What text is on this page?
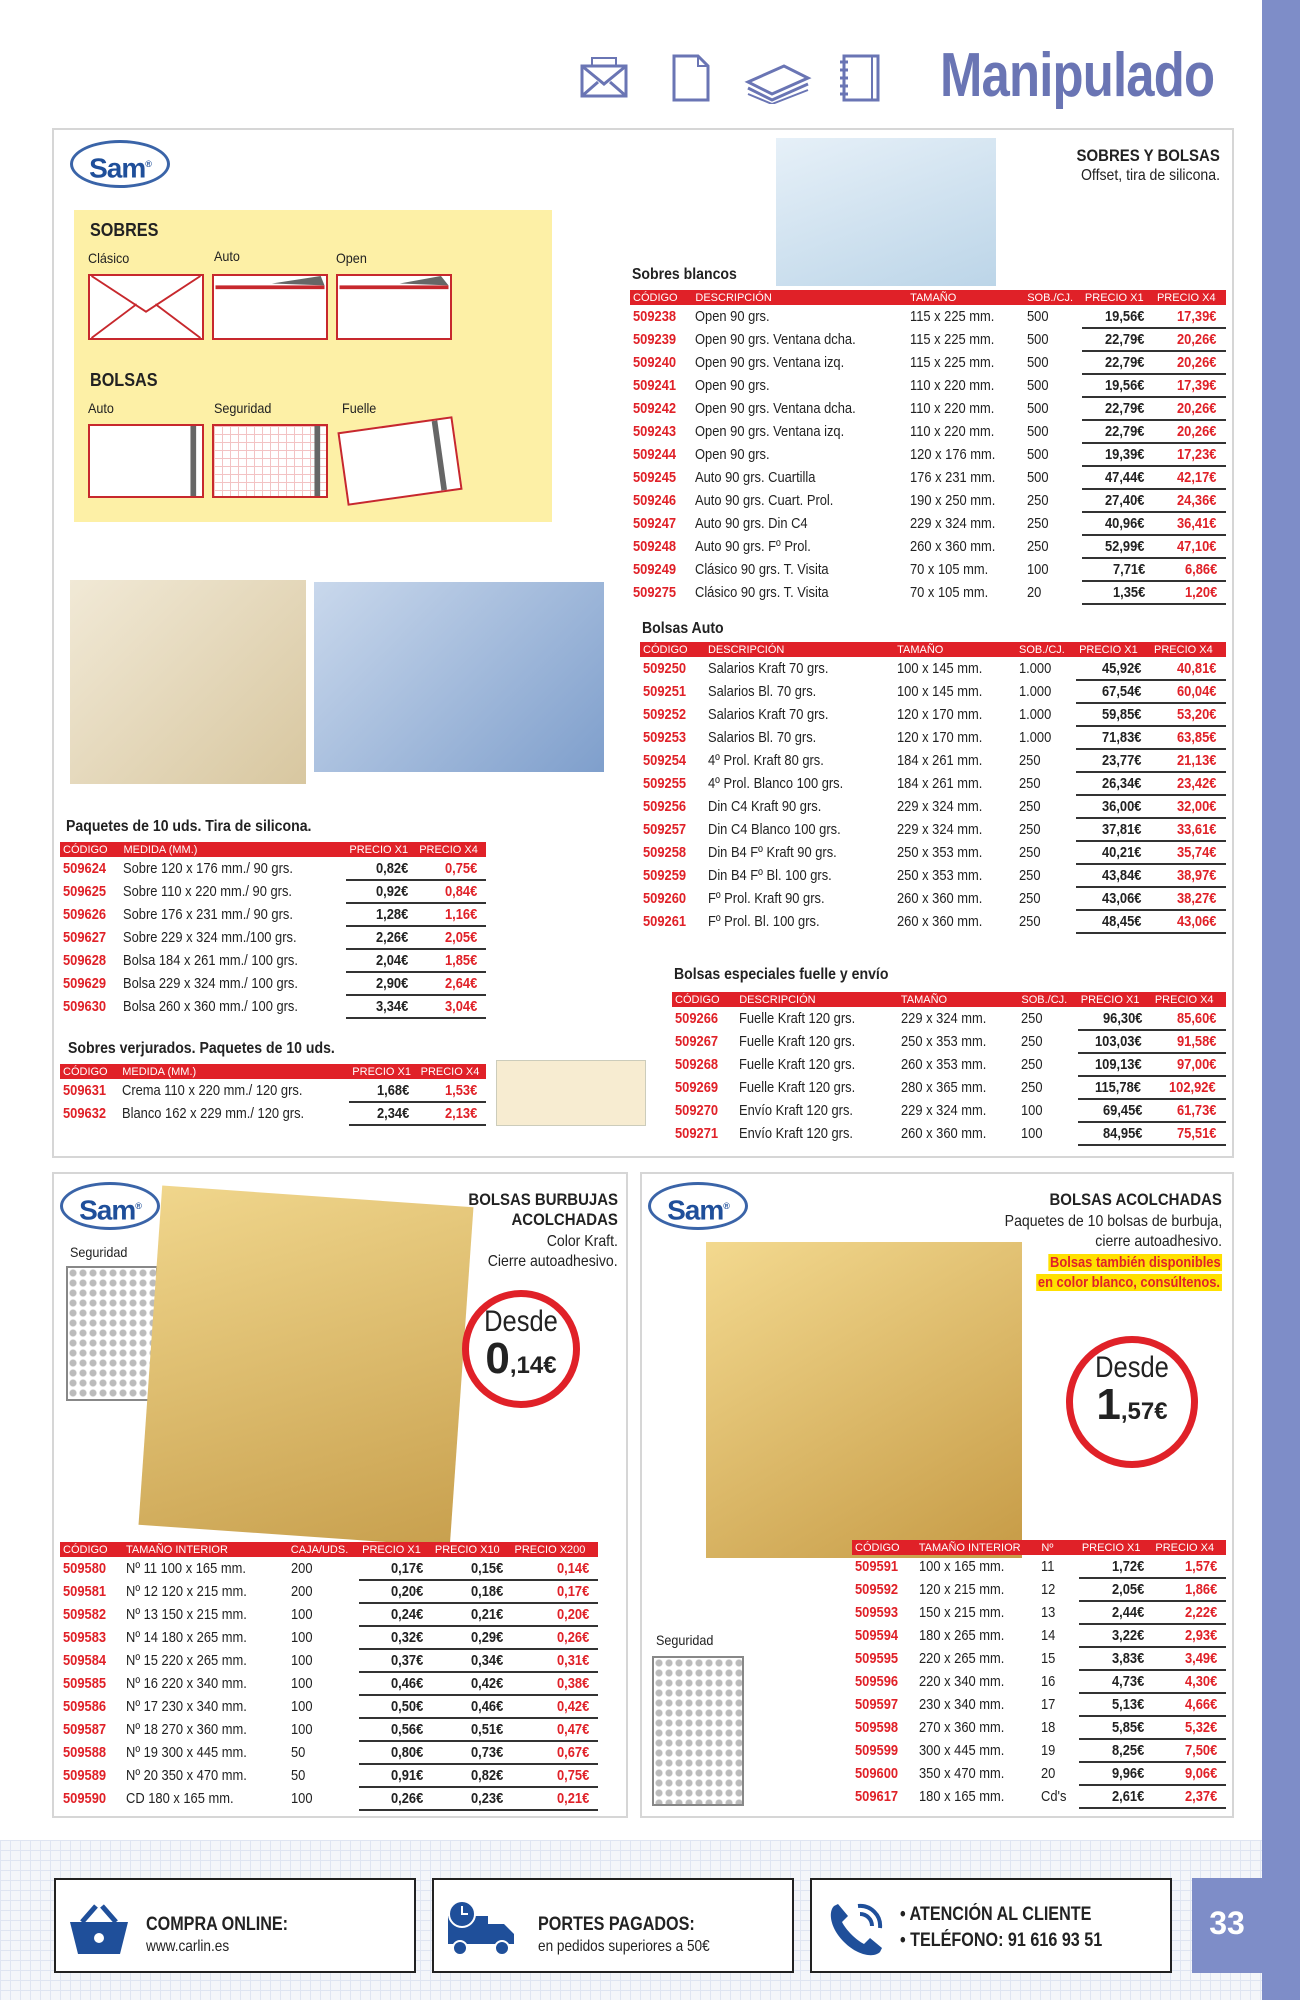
Manipulado
Sam®	SOBRES Y BOLSAS
Offset, tira de silicona.
SOBRES
Clásico	Auto	Open
BOLSAS
Auto	Seguridad	Fuelle
Sobres blancos
CÓDIGO	DESCRIPCIÓN	TAMAÑO	SOB./CJ.	PRECIO X1	PRECIO X4
509238	Open 90 grs.	115 x 225 mm.	500	19,56€	17,39€
509239	Open 90 grs. Ventana dcha.	115 x 225 mm.	500	22,79€	20,26€
509240	Open 90 grs. Ventana izq.	115 x 225 mm.	500	22,79€	20,26€
509241	Open 90 grs.	110 x 220 mm.	500	19,56€	17,39€
509242	Open 90 grs. Ventana dcha.	110 x 220 mm.	500	22,79€	20,26€
509243	Open 90 grs. Ventana izq.	110 x 220 mm.	500	22,79€	20,26€
509244	Open 90 grs.	120 x 176 mm.	500	19,39€	17,23€
509245	Auto 90 grs. Cuartilla	176 x 231 mm.	500	47,44€	42,17€
509246	Auto 90 grs. Cuart. Prol.	190 x 250 mm.	250	27,40€	24,36€
509247	Auto 90 grs. Din C4	229 x 324 mm.	250	40,96€	36,41€
509248	Auto 90 grs. Fº Prol.	260 x 360 mm.	250	52,99€	47,10€
509249	Clásico 90 grs. T. Visita	70 x 105 mm.	100	7,71€	6,86€
509275	Clásico 90 grs. T. Visita	70 x 105 mm.	20	1,35€	1,20€
Bolsas Auto
CÓDIGO	DESCRIPCIÓN	TAMAÑO	SOB./CJ.	PRECIO X1	PRECIO X4
509250	Salarios Kraft 70 grs.	100 x 145 mm.	1.000	45,92€	40,81€
509251	Salarios Bl. 70 grs.	100 x 145 mm.	1.000	67,54€	60,04€
509252	Salarios Kraft 70 grs.	120 x 170 mm.	1.000	59,85€	53,20€
509253	Salarios Bl. 70 grs.	120 x 170 mm.	1.000	71,83€	63,85€
509254	4º Prol. Kraft 80 grs.	184 x 261 mm.	250	23,77€	21,13€
509255	4º Prol. Blanco 100 grs.	184 x 261 mm.	250	26,34€	23,42€
509256	Din C4 Kraft 90 grs.	229 x 324 mm.	250	36,00€	32,00€
509257	Din C4 Blanco 100 grs.	229 x 324 mm.	250	37,81€	33,61€
509258	Din B4 Fº Kraft 90 grs.	250 x 353 mm.	250	40,21€	35,74€
509259	Din B4 Fº Bl. 100 grs.	250 x 353 mm.	250	43,84€	38,97€
509260	Fº Prol. Kraft 90 grs.	260 x 360 mm.	250	43,06€	38,27€
509261	Fº Prol. Bl. 100 grs.	260 x 360 mm.	250	48,45€	43,06€
Bolsas especiales fuelle y envío
CÓDIGO	DESCRIPCIÓN	TAMAÑO	SOB./CJ.	PRECIO X1	PRECIO X4
509266	Fuelle Kraft 120 grs.	229 x 324 mm.	250	96,30€	85,60€
509267	Fuelle Kraft 120 grs.	250 x 353 mm.	250	103,03€	91,58€
509268	Fuelle Kraft 120 grs.	260 x 353 mm.	250	109,13€	97,00€
509269	Fuelle Kraft 120 grs.	280 x 365 mm.	250	115,78€	102,92€
509270	Envío Kraft 120 grs.	229 x 324 mm.	100	69,45€	61,73€
509271	Envío Kraft 120 grs.	260 x 360 mm.	100	84,95€	75,51€
Paquetes de 10 uds. Tira de silicona.
CÓDIGO	MEDIDA (MM.)	PRECIO X1	PRECIO X4
509624	Sobre 120 x 176 mm./ 90 grs.	0,82€	0,75€
509625	Sobre 110 x 220 mm./ 90 grs.	0,92€	0,84€
509626	Sobre 176 x 231 mm./ 90 grs.	1,28€	1,16€
509627	Sobre 229 x 324 mm./100 grs.	2,26€	2,05€
509628	Bolsa 184 x 261 mm./ 100 grs.	2,04€	1,85€
509629	Bolsa 229 x 324 mm./ 100 grs.	2,90€	2,64€
509630	Bolsa 260 x 360 mm./ 100 grs.	3,34€	3,04€
Sobres verjurados. Paquetes de 10 uds.
CÓDIGO	MEDIDA (MM.)	PRECIO X1	PRECIO X4
509631	Crema 110 x 220 mm./ 120 grs.	1,68€	1,53€
509632	Blanco 162 x 229 mm./ 120 grs.	2,34€	2,13€
Sam®	BOLSAS BURBUJAS
ACOLCHADAS
Color Kraft.
Cierre autoadhesivo.
Seguridad
Desde
0,14€
CÓDIGO	TAMAÑO INTERIOR	CAJA/UDS.	PRECIO X1	PRECIO X10	PRECIO X200
509580	Nº 11 100 x 165 mm.	200	0,17€	0,15€	0,14€
509581	Nº 12 120 x 215 mm.	200	0,20€	0,18€	0,17€
509582	Nº 13 150 x 215 mm.	100	0,24€	0,21€	0,20€
509583	Nº 14 180 x 265 mm.	100	0,32€	0,29€	0,26€
509584	Nº 15 220 x 265 mm.	100	0,37€	0,34€	0,31€
509585	Nº 16 220 x 340 mm.	100	0,46€	0,42€	0,38€
509586	Nº 17 230 x 340 mm.	100	0,50€	0,46€	0,42€
509587	Nº 18 270 x 360 mm.	100	0,56€	0,51€	0,47€
509588	Nº 19 300 x 445 mm.	50	0,80€	0,73€	0,67€
509589	Nº 20 350 x 470 mm.	50	0,91€	0,82€	0,75€
509590	CD 180 x 165 mm.	100	0,26€	0,23€	0,21€
Sam®	BOLSAS ACOLCHADAS
Paquetes de 10 bolsas de burbuja,
cierre autoadhesivo.
Bolsas también disponibles
en color blanco, consúltenos.
Desde
1,57€
Seguridad
CÓDIGO	TAMAÑO INTERIOR	Nº	PRECIO X1	PRECIO X4
509591	100 x 165 mm.	11	1,72€	1,57€
509592	120 x 215 mm.	12	2,05€	1,86€
509593	150 x 215 mm.	13	2,44€	2,22€
509594	180 x 265 mm.	14	3,22€	2,93€
509595	220 x 265 mm.	15	3,83€	3,49€
509596	220 x 340 mm.	16	4,73€	4,30€
509597	230 x 340 mm.	17	5,13€	4,66€
509598	270 x 360 mm.	18	5,85€	5,32€
509599	300 x 445 mm.	19	8,25€	7,50€
509600	350 x 470 mm.	20	9,96€	9,06€
509617	180 x 165 mm.	Cd's	2,61€	2,37€
COMPRA ONLINE:
www.carlin.es
PORTES PAGADOS:
en pedidos superiores a 50€
• ATENCIÓN AL CLIENTE
• TELÉFONO: 91 616 93 51	33
